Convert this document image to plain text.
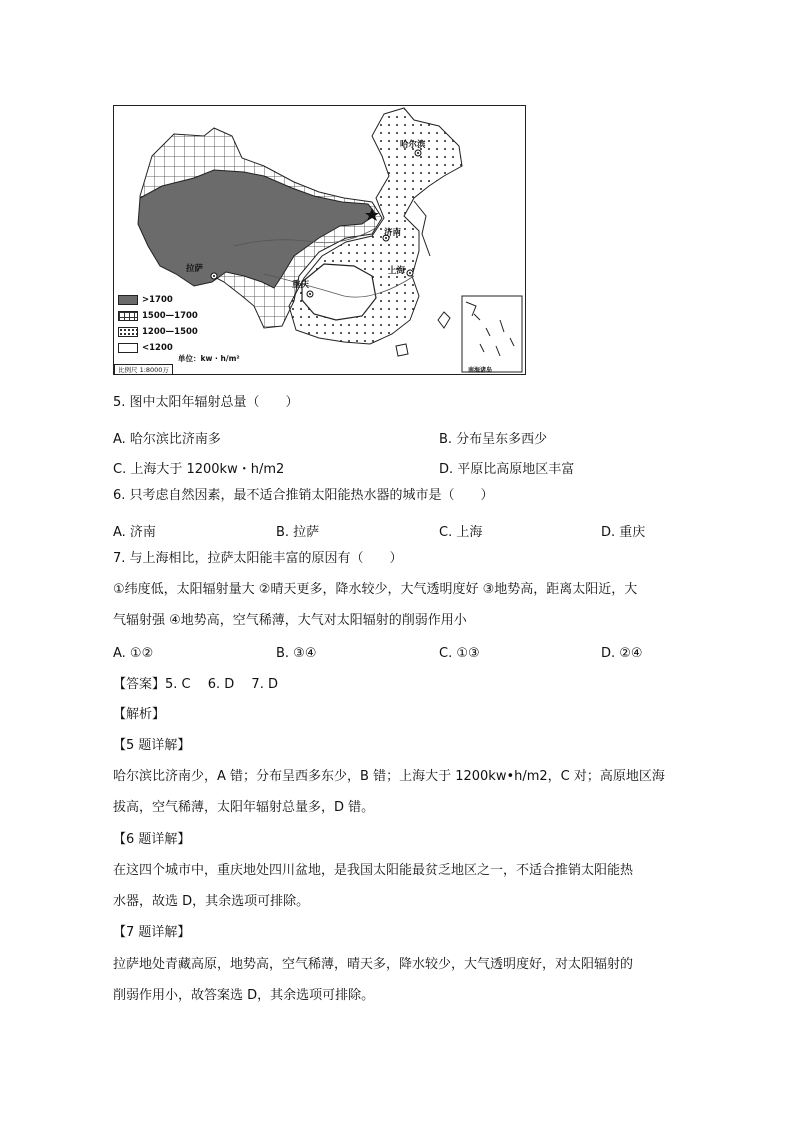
哈尔滨
济南
拉萨
重庆
上海
>1700
1500—1700
1200—1500
<1200
单位：kw · h/m²
比例尺 1:8000万	南海诸岛
5. 图中太阳年辐射总量（　　）
A. 哈尔滨比济南多	B. 分布呈东多西少
C. 上海大于 1200kw・h/m2	D. 平原比高原地区丰富
6. 只考虑自然因素，最不适合推销太阳能热水器的城市是（　　）
A. 济南	B. 拉萨	C. 上海	D. 重庆
7. 与上海相比，拉萨太阳能丰富的原因有（　　）
①纬度低，太阳辐射量大 ②晴天更多，降水较少，大气透明度好 ③地势高，距离太阳近，大
气辐射强 ④地势高，空气稀薄，大气对太阳辐射的削弱作用小
A. ①②	B. ③④	C. ①③	D. ②④
【答案】5. C　 6. D　 7. D
【解析】
【5 题详解】
哈尔滨比济南少，A 错；分布呈西多东少，B 错；上海大于 1200kw•h/m2，C 对；高原地区海
拔高，空气稀薄，太阳年辐射总量多，D 错。
【6 题详解】
在这四个城市中，重庆地处四川盆地，是我国太阳能最贫乏地区之一，不适合推销太阳能热
水器，故选 D，其余选项可排除。
【7 题详解】
拉萨地处青藏高原，地势高，空气稀薄，晴天多，降水较少，大气透明度好，对太阳辐射的
削弱作用小，故答案选 D，其余选项可排除。
